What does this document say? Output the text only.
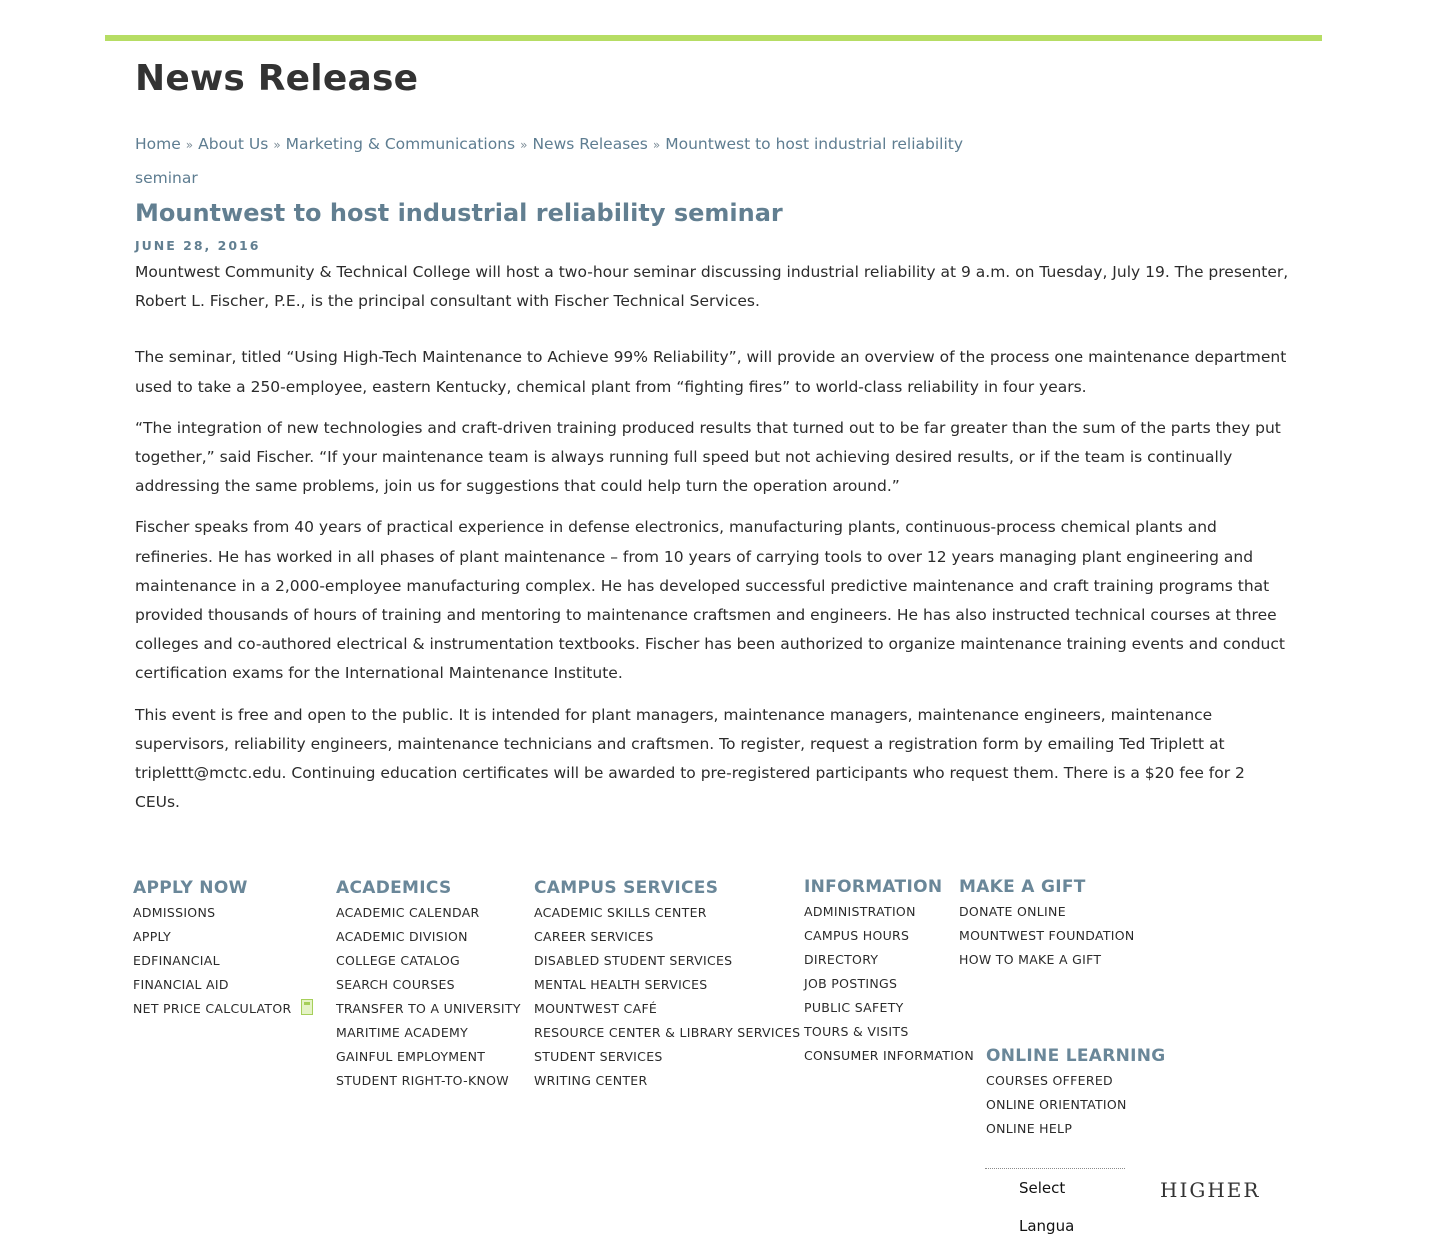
News Release
Home » About Us » Marketing & Communications » News Releases » Mountwest to host industrial reliability seminar
Mountwest to host industrial reliability seminar
JUNE 28, 2016

Mountwest Community & Technical College will host a two-hour seminar discussing industrial reliability at 9 a.m. on Tuesday, July 19. The presenter, Robert L. Fischer, P.E., is the principal consultant with Fischer Technical Services.

The seminar, titled “Using High-Tech Maintenance to Achieve 99% Reliability”, will provide an overview of the process one maintenance department used to take a 250-employee, eastern Kentucky, chemical plant from “fighting fires” to world-class reliability in four years.

“The integration of new technologies and craft-driven training produced results that turned out to be far greater than the sum of the parts they put together,” said Fischer. “If your maintenance team is always running full speed but not achieving desired results, or if the team is continually addressing the same problems, join us for suggestions that could help turn the operation around.”

Fischer speaks from 40 years of practical experience in defense electronics, manufacturing plants, continuous-process chemical plants and refineries. He has worked in all phases of plant maintenance – from 10 years of carrying tools to over 12 years managing plant engineering and maintenance in a 2,000-employee manufacturing complex. He has developed successful predictive maintenance and craft training programs that provided thousands of hours of training and mentoring to maintenance craftsmen and engineers. He has also instructed technical courses at three colleges and co-authored electrical & instrumentation textbooks. Fischer has been authorized to organize maintenance training events and conduct certification exams for the International Maintenance Institute.

This event is free and open to the public. It is intended for plant managers, maintenance managers, maintenance engineers, maintenance supervisors, reliability engineers, maintenance technicians and craftsmen. To register, request a registration form by emailing Ted Triplett at triplettt@mctc.edu. Continuing education certificates will be awarded to pre-registered participants who request them. There is a $20 fee for 2 CEUs.

APPLY NOW
ADMISSIONS
APPLY
EDFINANCIAL
FINANCIAL AID
NET PRICE CALCULATOR
ACADEMICS
ACADEMIC CALENDAR
ACADEMIC DIVISION
COLLEGE CATALOG
SEARCH COURSES
TRANSFER TO A UNIVERSITY
MARITIME ACADEMY
GAINFUL EMPLOYMENT
STUDENT RIGHT-TO-KNOW
CAMPUS SERVICES
ACADEMIC SKILLS CENTER
CAREER SERVICES
DISABLED STUDENT SERVICES
MENTAL HEALTH SERVICES
MOUNTWEST CAFÉ
RESOURCE CENTER & LIBRARY SERVICES
STUDENT SERVICES
WRITING CENTER
INFORMATION
ADMINISTRATION
CAMPUS HOURS
DIRECTORY
JOB POSTINGS
PUBLIC SAFETY
TOURS & VISITS
CONSUMER INFORMATION
MAKE A GIFT
DONATE ONLINE
MOUNTWEST FOUNDATION
HOW TO MAKE A GIFT
ONLINE LEARNING
COURSES OFFERED
ONLINE ORIENTATION
ONLINE HELP
Select Langua
HIGHER
